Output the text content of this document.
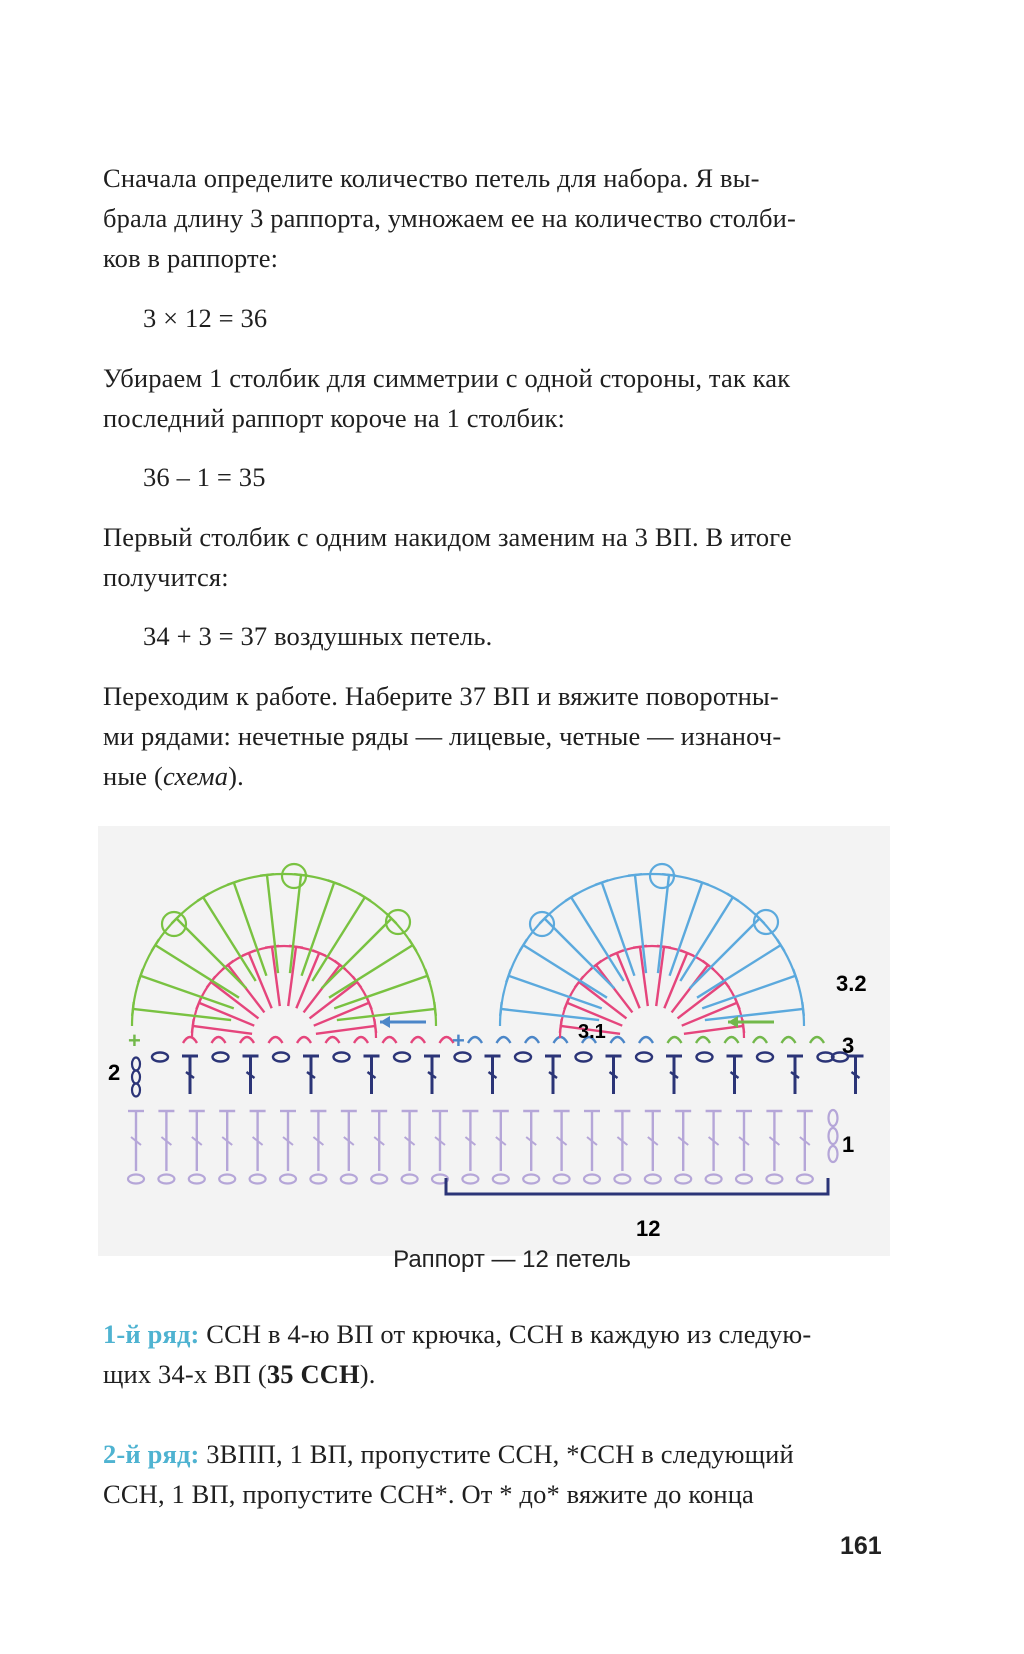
Сначала определите количество петель для набора. Я вы-
брала длину 3 раппорта, умножаем ее на количество столби-
ков в раппорте:
3 × 12 = 36
Убираем 1 столбик для симметрии с одной стороны, так как
последний раппорт короче на 1 столбик:
36 – 1 = 35
Первый столбик с одним накидом заменим на 3 ВП. В итоге
получится:
34 + 3 = 37 воздушных петель.
Переходим к работе. Наберите 37 ВП и вяжите поворотны-
ми рядами: нечетные ряды — лицевые, четные — изнаноч-
ные (схема).
+	+
2
3
1
3.1
3.2
12
Раппорт — 12 петель
1-й ряд: ССН в 4-ю ВП от крючка, ССН в каждую из следую-
щих 34-х ВП (35 ССН).
2-й ряд: 3ВПП, 1 ВП, пропустите ССН, *ССН в следующий
ССН, 1 ВП, пропустите ССН*. От * до* вяжите до конца
161
